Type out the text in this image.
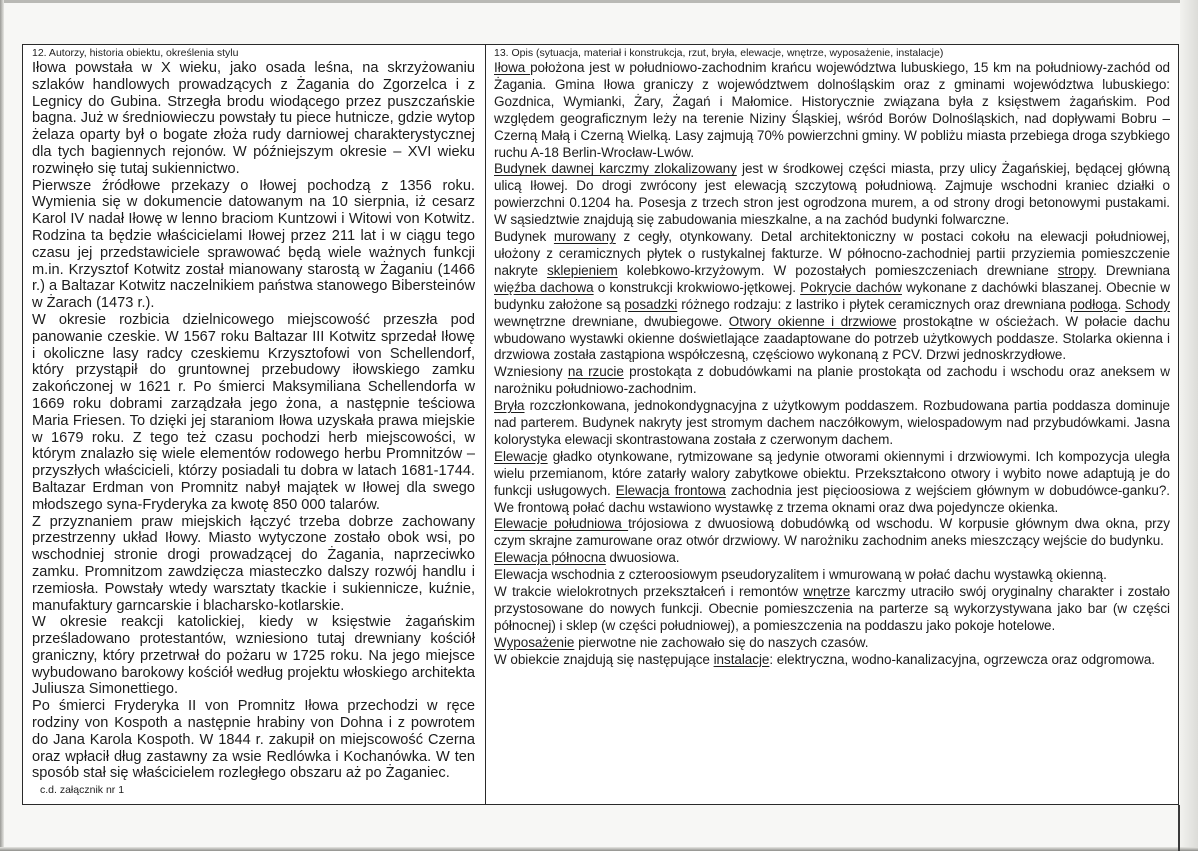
12. Autorzy, historia obiektu, określenia stylu

Iłowa powstała w X wieku, jako osada leśna, na skrzyżowaniu szlaków handlowych prowadzących z Żagania do Zgorzelca i z Legnicy do Gubina. Strzegła brodu wiodącego przez puszczańskie bagna. Już w średniowieczu powstały tu piece hutnicze, gdzie wytop żelaza oparty był o bogate złoża rudy darniowej charakterystycznej dla tych bagiennych rejonów. W późniejszym okresie – XVI wieku rozwinęło się tutaj sukiennictwo.

Pierwsze źródłowe przekazy o Iłowej pochodzą z 1356 roku. Wymienia się w dokumencie datowanym na 10 sierpnia, iż cesarz Karol IV nadał Iłowę w lenno braciom Kuntzowi i Witowi von Kotwitz. Rodzina ta będzie właścicielami Iłowej przez 211 lat i w ciągu tego czasu jej przedstawiciele sprawować będą wiele ważnych funkcji m.in. Krzysztof Kotwitz został mianowany starostą w Żaganiu (1466 r.) a Baltazar Kotwitz naczelnikiem państwa stanowego Bibersteinów w Żarach (1473 r.).

W okresie rozbicia dzielnicowego miejscowość przeszła pod panowanie czeskie. W 1567 roku Baltazar III Kotwitz sprzedał Iłowę i okoliczne lasy radcy czeskiemu Krzysztofowi von Schellendorf, który przystąpił do gruntownej przebudowy iłowskiego zamku zakończonej w 1621 r. Po śmierci Maksymiliana Schellendorfa w 1669 roku dobrami zarządzała jego żona, a następnie teściowa Maria Friesen. To dzięki jej staraniom Iłowa uzyskała prawa miejskie w 1679 roku. Z tego też czasu pochodzi herb miejscowości, w którym znalazło się wiele elementów rodowego herbu Promnitzów – przyszłych właścicieli, którzy posiadali tu dobra w latach 1681-1744. Baltazar Erdman von Promnitz nabył majątek w Iłowej dla swego młodszego syna-Fryderyka za kwotę 850 000 talarów.

Z przyznaniem praw miejskich łączyć trzeba dobrze zachowany przestrzenny układ Iłowy. Miasto wytyczone zostało obok wsi, po wschodniej stronie drogi prowadzącej do Żagania, naprzeciwko zamku. Promnitzom zawdzięcza miasteczko dalszy rozwój handlu i rzemiosła. Powstały wtedy warsztaty tkackie i sukiennicze, kuźnie, manufaktury garncarskie i blacharsko-kotlarskie.

W okresie reakcji katolickiej, kiedy w księstwie żagańskim prześladowano protestantów, wzniesiono tutaj drewniany kościół graniczny, który przetrwał do pożaru w 1725 roku. Na jego miejsce wybudowano barokowy kościół według projektu włoskiego architekta Juliusza Simonettiego.

Po śmierci Fryderyka II von Promnitz Iłowa przechodzi w ręce rodziny von Kospoth a następnie hrabiny von Dohna i z powrotem do Jana Karola Kospoth. W 1844 r. zakupił on miejscowość Czerna oraz wpłacił dług zastawny za wsie Redlówka i Kochanówka. W ten sposób stał się właścicielem rozległego obszaru aż po Żaganiec.

c.d. załącznik nr 1
13. Opis (sytuacja, materiał i konstrukcja, rzut, bryła, elewacje, wnętrze, wyposażenie, instalacje)

Iłowa położona jest w południowo-zachodnim krańcu województwa lubuskiego, 15 km na południowy-zachód od Żagania. Gmina Iłowa graniczy z województwem dolnośląskim oraz z gminami województwa lubuskiego: Gozdnica, Wymianki, Żary, Żagań i Małomice. Historycznie związana była z księstwem żagańskim. Pod względem geograficznym leży na terenie Niziny Śląskiej, wśród Borów Dolnośląskich, nad dopływami Bobru – Czerną Małą i Czerną Wielką. Lasy zajmują 70% powierzchni gminy. W pobliżu miasta przebiega droga szybkiego ruchu A-18 Berlin-Wrocław-Lwów.

Budynek dawnej karczmy zlokalizowany jest w środkowej części miasta, przy ulicy Żagańskiej, będącej główną ulicą Iłowej. Do drogi zwrócony jest elewacją szczytową południową. Zajmuje wschodni kraniec działki o powierzchni 0.1204 ha. Posesja z trzech stron jest ogrodzona murem, a od strony drogi betonowymi pustakami. W sąsiedztwie znajdują się zabudowania mieszkalne, a na zachód budynki folwarczne.

Budynek murowany z cegły, otynkowany. Detal architektoniczny w postaci cokołu na elewacji południowej, ułożony z ceramicznych płytek o rustykalnej fakturze. W północno-zachodniej partii przyziemia pomieszczenie nakryte sklepieniem kolebkowo-krzyżowym. W pozostałych pomieszczeniach drewniane stropy. Drewniana więźba dachowa o konstrukcji krokwiowo-jętkowej. Pokrycie dachów wykonane z dachówki blaszanej. Obecnie w budynku założone są posadzki różnego rodzaju: z lastriko i płytek ceramicznych oraz drewniana podłoga. Schody wewnętrzne drewniane, dwubiegowe. Otwory okienne i drzwiowe prostokątne w ościeżach. W połacie dachu wbudowano wystawki okienne doświetlające zaadaptowane do potrzeb użytkowych poddasze. Stolarka okienna i drzwiowa została zastąpiona współczesną, częściowo wykonaną z PCV. Drzwi jednoskrzydłowe.

Wzniesiony na rzucie prostokąta z dobudówkami na planie prostokąta od zachodu i wschodu oraz aneksem w narożniku południowo-zachodnim.

Bryła rozczłonkowana, jednokondygnacyjna z użytkowym poddaszem. Rozbudowana partia poddasza dominuje nad parterem. Budynek nakryty jest stromym dachem naczółkowym, wielospadowym nad przybudówkami. Jasna kolorystyka elewacji skontrastowana została z czerwonym dachem.

Elewacje gładko otynkowane, rytmizowane są jedynie otworami okiennymi i drzwiowymi. Ich kompozycja uległa wielu przemianom, które zatarły walory zabytkowe obiektu. Przekształcono otwory i wybito nowe adaptują je do funkcji usługowych. Elewacja frontowa zachodnia jest pięcioosiowa z wejściem głównym w dobudówce-ganku?. We frontową połać dachu wstawiono wystawkę z trzema oknami oraz dwa pojedyncze okienka.

Elewacje południowa trójosiowa z dwuosiową dobudówką od wschodu. W korpusie głównym dwa okna, przy czym skrajne zamurowane oraz otwór drzwiowy. W narożniku zachodnim aneks mieszczący wejście do budynku.

Elewacja północna dwuosiowa.

Elewacja wschodnia z czteroosiowym pseudoryzalitem i wmurowaną w połać dachu wystawką okienną.

W trakcie wielokrotnych przekształceń i remontów wnętrze karczmy utraciło swój oryginalny charakter i zostało przystosowane do nowych funkcji. Obecnie pomieszczenia na parterze są wykorzystywana jako bar (w części północnej) i sklep (w części południowej), a pomieszczenia na poddaszu jako pokoje hotelowe.

Wyposażenie pierwotne nie zachowało się do naszych czasów.

W obiekcie znajdują się następujące instalacje: elektryczna, wodno-kanalizacyjna, ogrzewcza oraz odgromowa.
